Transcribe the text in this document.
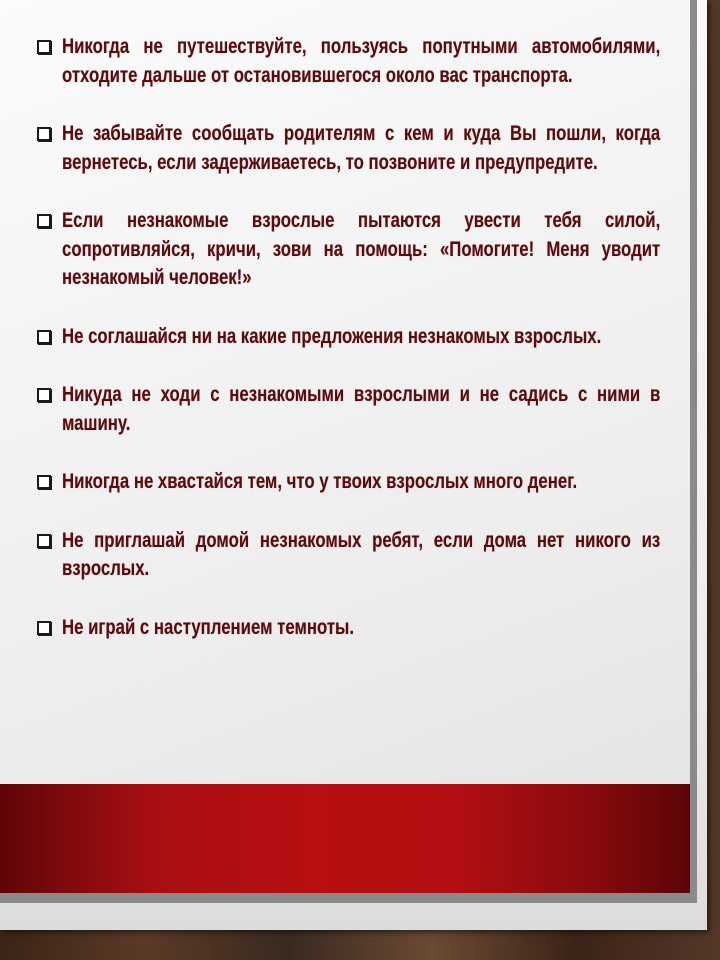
Никогда не путешествуйте, пользуясь попутными автомобилями, отходите дальше от остановившегося около вас транспорта.
Не забывайте сообщать родителям с кем и куда Вы пошли, когда вернетесь, если задерживаетесь, то позвоните и предупредите.
Если незнакомые взрослые пытаются увести тебя силой, сопротивляйся, кричи, зови на помощь: «Помогите! Меня уводит незнакомый человек!»
Не соглашайся ни на какие предложения незнакомых взрослых.
Никуда не ходи с незнакомыми взрослыми и не садись с ними в машину.
Никогда не хвастайся тем, что у твоих взрослых много денег.
Не приглашай домой незнакомых ребят, если дома нет никого из взрослых.
Не играй с наступлением темноты.
